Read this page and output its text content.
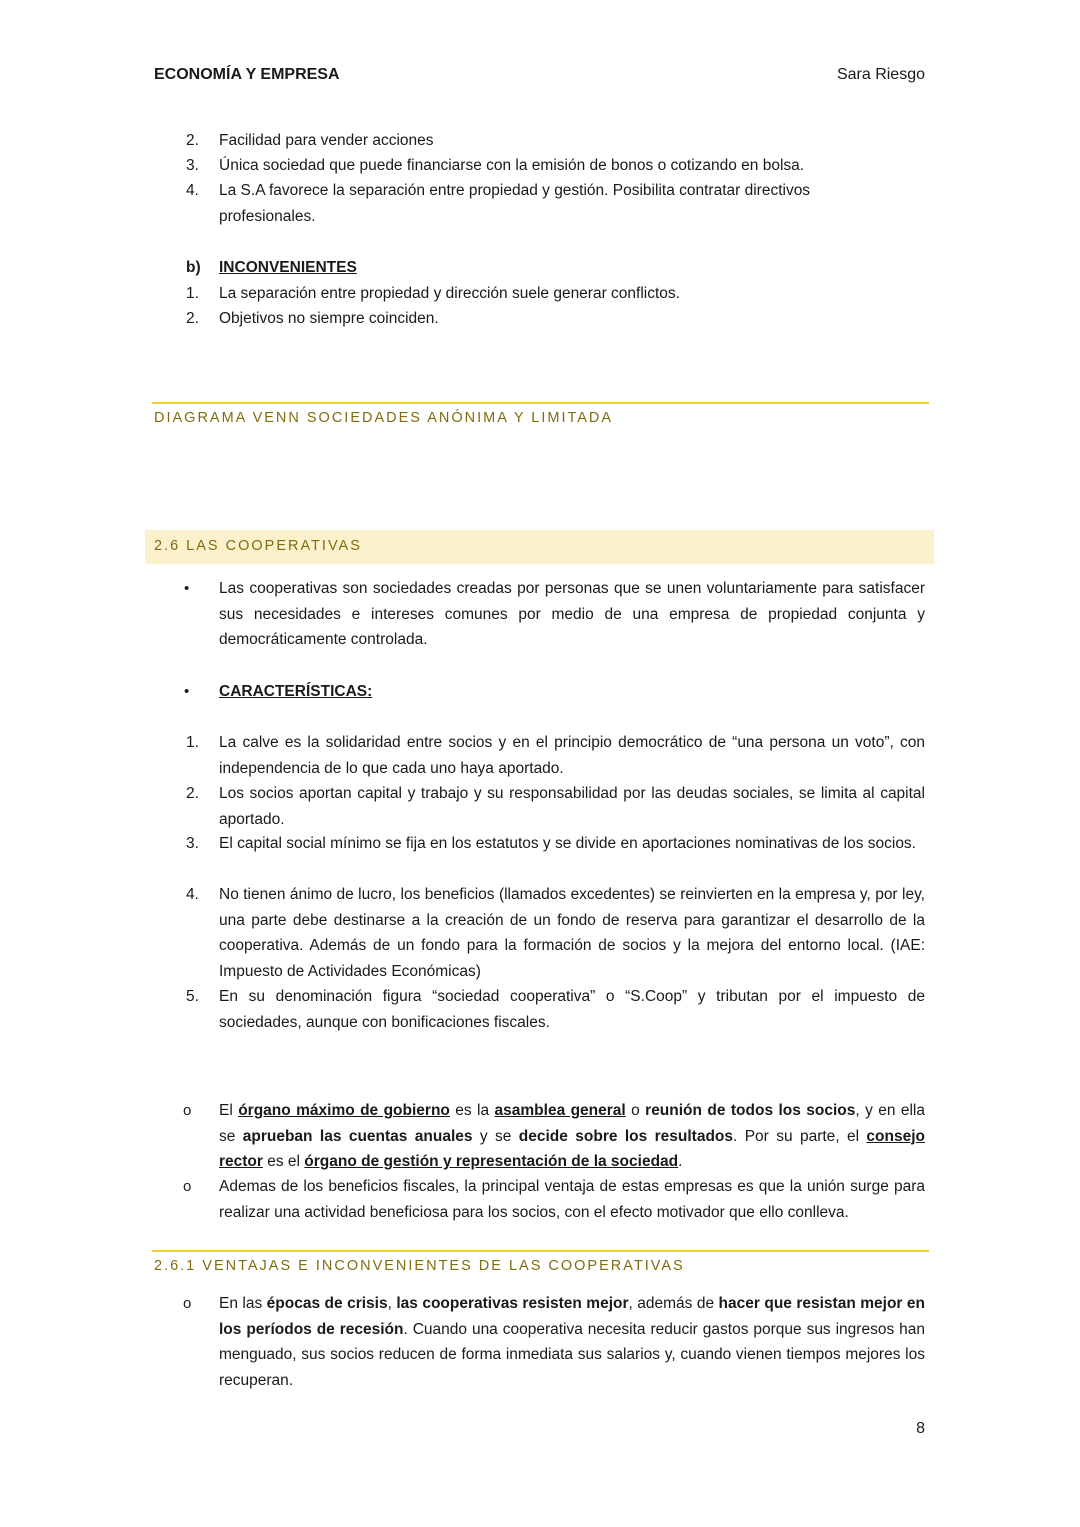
ECONOMÍA Y EMPRESA	Sara Riesgo
2.	Facilidad para vender acciones
3.	Única sociedad que puede financiarse con la emisión de bonos o cotizando en bolsa.
4.	La S.A favorece la separación entre propiedad y gestión. Posibilita contratar directivos profesionales.
b)	INCONVENIENTES
1.	La separación entre propiedad y dirección suele generar conflictos.
2.	Objetivos no siempre coinciden.
DIAGRAMA VENN SOCIEDADES ANÓNIMA Y LIMITADA
2.6 LAS COOPERATIVAS
• Las cooperativas son sociedades creadas por personas que se unen voluntariamente para satisfacer sus necesidades e intereses comunes por medio de una empresa de propiedad conjunta y democráticamente controlada.
• CARACTERÍSTICAS:
1.	La calve es la solidaridad entre socios y en el principio democrático de “una persona un voto”, con independencia de lo que cada uno haya aportado.
2.	Los socios aportan capital y trabajo y su responsabilidad por las deudas sociales, se limita al capital aportado.
3.	El capital social mínimo se fija en los estatutos y se divide en aportaciones nominativas de los socios.
4.	No tienen ánimo de lucro, los beneficios (llamados excedentes) se reinvierten en la empresa y, por ley, una parte debe destinarse a la creación de un fondo de reserva para garantizar el desarrollo de la cooperativa. Además de un fondo para la formación de socios y la mejora del entorno local. (IAE: Impuesto de Actividades Económicas)
5.	En su denominación figura “sociedad cooperativa” o “S.Coop” y tributan por el impuesto de sociedades, aunque con bonificaciones fiscales.
o El órgano máximo de gobierno es la asamblea general o reunión de todos los socios, y en ella se aprueban las cuentas anuales y se decide sobre los resultados. Por su parte, el consejo rector es el órgano de gestión y representación de la sociedad.
o Ademas de los beneficios fiscales, la principal ventaja de estas empresas es que la unión surge para realizar una actividad beneficiosa para los socios, con el efecto motivador que ello conlleva.
2.6.1 VENTAJAS E INCONVENIENTES DE LAS COOPERATIVAS
o En las épocas de crisis, las cooperativas resisten mejor, además de hacer que resistan mejor en los períodos de recesión. Cuando una cooperativa necesita reducir gastos porque sus ingresos han menguado, sus socios reducen de forma inmediata sus salarios y, cuando vienen tiempos mejores los recuperan.
8
